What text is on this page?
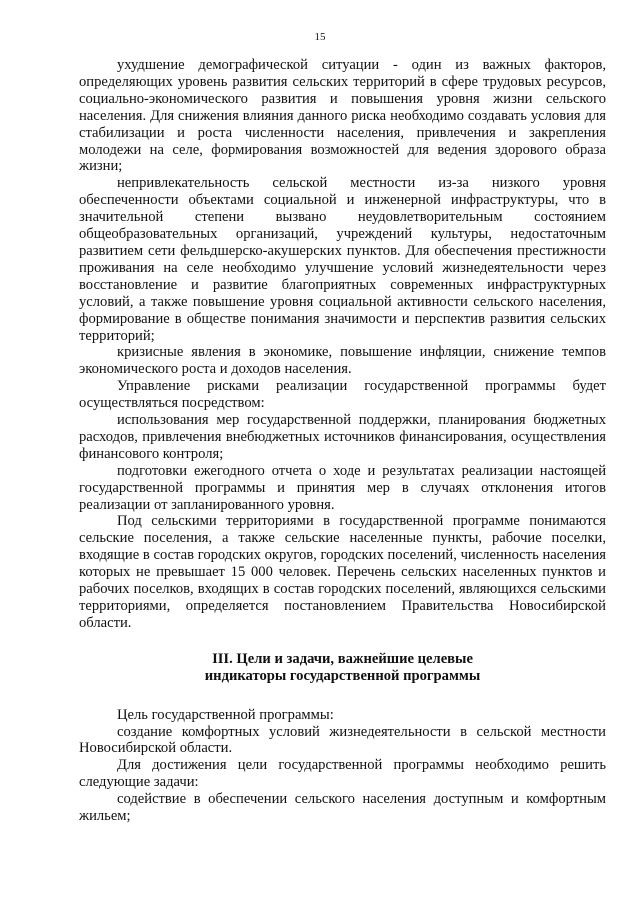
15

ухудшение демографической ситуации - один из важных факторов, определяющих уровень развития сельских территорий в сфере трудовых ресурсов, социально-экономического развития и повышения уровня жизни сельского населения. Для снижения влияния данного риска необходимо создавать условия для стабилизации и роста численности населения, привлечения и закрепления молодежи на селе, формирования возможностей для ведения здорового образа жизни;

непривлекательность сельской местности из-за низкого уровня обеспеченности объектами социальной и инженерной инфраструктуры, что в значительной степени вызвано неудовлетворительным состоянием общеобразовательных организаций, учреждений культуры, недостаточным развитием сети фельдшерско-акушерских пунктов. Для обеспечения престижности проживания на селе необходимо улучшение условий жизнедеятельности через восстановление и развитие благоприятных современных инфраструктурных условий, а также повышение уровня социальной активности сельского населения, формирование в обществе понимания значимости и перспектив развития сельских территорий;

кризисные явления в экономике, повышение инфляции, снижение темпов экономического роста и доходов населения.

Управление рисками реализации государственной программы будет осуществляться посредством:

использования мер государственной поддержки, планирования бюджетных расходов, привлечения внебюджетных источников финансирования, осуществления финансового контроля;

подготовки ежегодного отчета о ходе и результатах реализации настоящей государственной программы и принятия мер в случаях отклонения итогов реализации от запланированного уровня.

Под сельскими территориями в государственной программе понимаются сельские поселения, а также сельские населенные пункты, рабочие поселки, входящие в состав городских округов, городских поселений, численность населения которых не превышает 15 000 человек. Перечень сельских населенных пунктов и рабочих поселков, входящих в состав городских поселений, являющихся сельскими территориями, определяется постановлением Правительства Новосибирской области.

III. Цели и задачи, важнейшие целевые
индикаторы государственной программы

Цель государственной программы:

создание комфортных условий жизнедеятельности в сельской местности Новосибирской области.

Для достижения цели государственной программы необходимо решить следующие задачи:

содействие в обеспечении сельского населения доступным и комфортным жильем;
